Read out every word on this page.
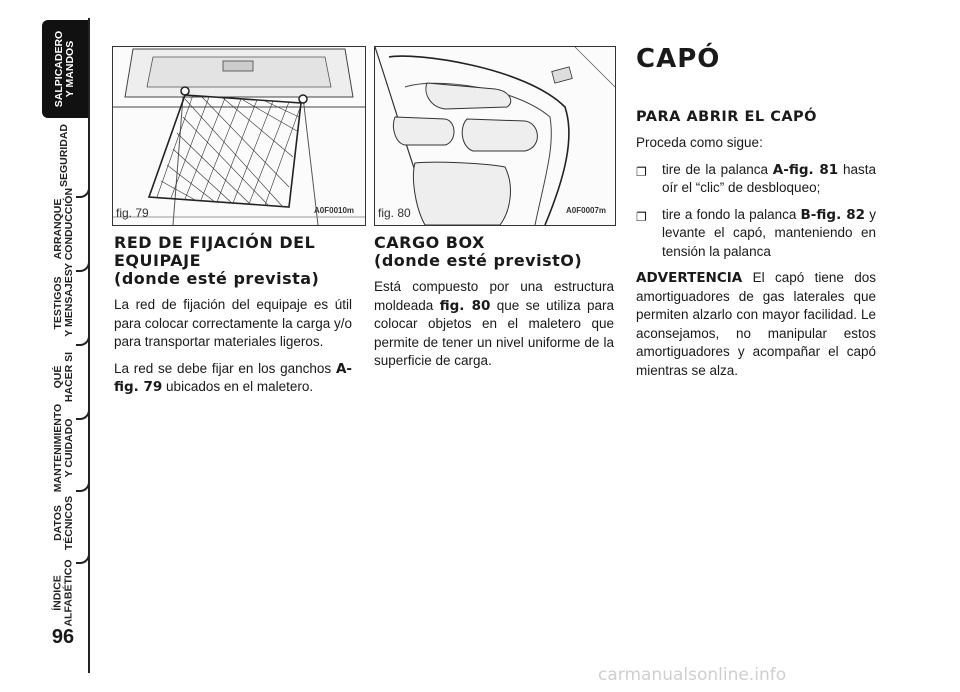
SALPICADERO Y MANDOS
SEGURIDAD
ARRANQUE Y CONDUCCIÓN
TESTIGOS Y MENSAJES
QUÉ HACER SI
MANTENIMIENTO Y CUIDADO
DATOS TÉCNICOS
ÍNDICE ALFABÉTICO
96
fig. 79	A0F0010m fig. 80	A0F0007m
RED DE FIJACIÓN DEL
EQUIPAJE
(donde esté prevista)

La red de fijación del equipaje es útil para colocar correctamente la carga y/o para transportar materiales ligeros.

La red se debe fijar en los ganchos A-fig. 79 ubicados en el maletero.

CARGO BOX
(donde esté previstO)

Está compuesto por una estructura moldeada fig. 80 que se utiliza para colocar objetos en el maletero que permite de tener un nivel uniforme de la superficie de carga.

CAPÓ
PARA ABRIR EL CAPÓ

Proceda como sigue:

❐ tire de la palanca A-fig. 81 hasta oír el “clic” de desbloqueo;

❐ tire a fondo la palanca B-fig. 82 y levante el capó, manteniendo en tensión la palanca

ADVERTENCIA El capó tiene dos amortiguadores de gas laterales que permiten alzarlo con mayor facilidad. Le aconsejamos, no manipular estos amortiguadores y acompañar el capó mientras se alza.

carmanualsonline.info
